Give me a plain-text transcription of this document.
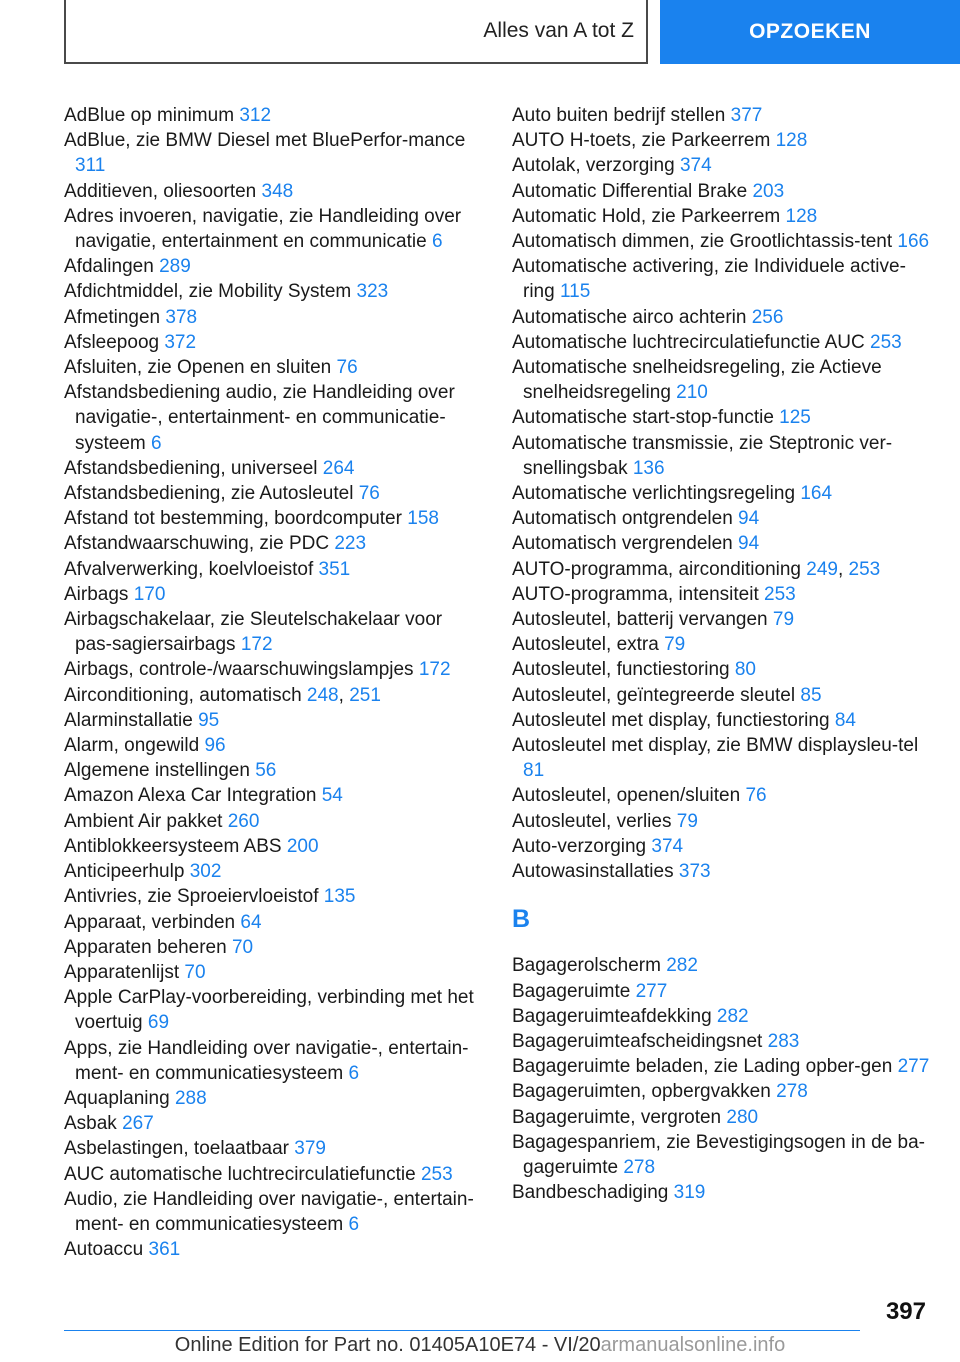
Alles van A tot Z	OPZOEKEN

AdBlue op minimum 312

AdBlue, zie BMW Diesel met BluePerfor-mance 311

Additieven, oliesoorten 348

Adres invoeren, navigatie, zie Handleiding over navigatie, entertainment en communicatie 6

Afdalingen 289

Afdichtmiddel, zie Mobility System 323

Afmetingen 378

Afsleepoog 372

Afsluiten, zie Openen en sluiten 76

Afstandsbediening audio, zie Handleiding over navigatie-, entertainment- en communicatie-systeem 6

Afstandsbediening, universeel 264

Afstandsbediening, zie Autosleutel 76

Afstand tot bestemming, boordcomputer 158

Afstandwaarschuwing, zie PDC 223

Afvalverwerking, koelvloeistof 351

Airbags 170

Airbagschakelaar, zie Sleutelschakelaar voor pas-sagiersairbags 172

Airbags, controle-/waarschuwingslampjes 172

Airconditioning, automatisch 248, 251

Alarminstallatie 95

Alarm, ongewild 96

Algemene instellingen 56

Amazon Alexa Car Integration 54

Ambient Air pakket 260

Antiblokkeersysteem ABS 200

Anticipeerhulp 302

Antivries, zie Sproeiervloeistof 135

Apparaat, verbinden 64

Apparaten beheren 70

Apparatenlijst 70

Apple CarPlay-voorbereiding, verbinding met het voertuig 69

Apps, zie Handleiding over navigatie-, entertain-ment- en communicatiesysteem 6

Aquaplaning 288

Asbak 267

Asbelastingen, toelaatbaar 379

AUC automatische luchtrecirculatiefunctie 253

Audio, zie Handleiding over navigatie-, entertain-ment- en communicatiesysteem 6

Autoaccu 361

Auto buiten bedrijf stellen 377

AUTO H-toets, zie Parkeerrem 128

Autolak, verzorging 374

Automatic Differential Brake 203

Automatic Hold, zie Parkeerrem 128

Automatisch dimmen, zie Grootlichtassis-tent 166

Automatische activering, zie Individuele active-ring 115

Automatische airco achterin 256

Automatische luchtrecirculatiefunctie AUC 253

Automatische snelheidsregeling, zie Actieve snelheidsregeling 210

Automatische start-stop-functie 125

Automatische transmissie, zie Steptronic ver-snellingsbak 136

Automatische verlichtingsregeling 164

Automatisch ontgrendelen 94

Automatisch vergrendelen 94

AUTO-programma, airconditioning 249, 253

AUTO-programma, intensiteit 253

Autosleutel, batterij vervangen 79

Autosleutel, extra 79

Autosleutel, functiestoring 80

Autosleutel, geïntegreerde sleutel 85

Autosleutel met display, functiestoring 84

Autosleutel met display, zie BMW displaysleu-tel 81

Autosleutel, openen/sluiten 76

Autosleutel, verlies 79

Auto-verzorging 374

Autowasinstallaties 373

B

Bagagerolscherm 282

Bagageruimte 277

Bagageruimteafdekking 282

Bagageruimteafscheidingsnet 283

Bagageruimte beladen, zie Lading opber-gen 277

Bagageruimten, opbergvakken 278

Bagageruimte, vergroten 280

Bagagespanriem, zie Bevestigingsogen in de ba-gageruimte 278

Bandbeschadiging 319

397
Online Edition for Part no. 01405A10E74 - VI/20armanualsonline.info
